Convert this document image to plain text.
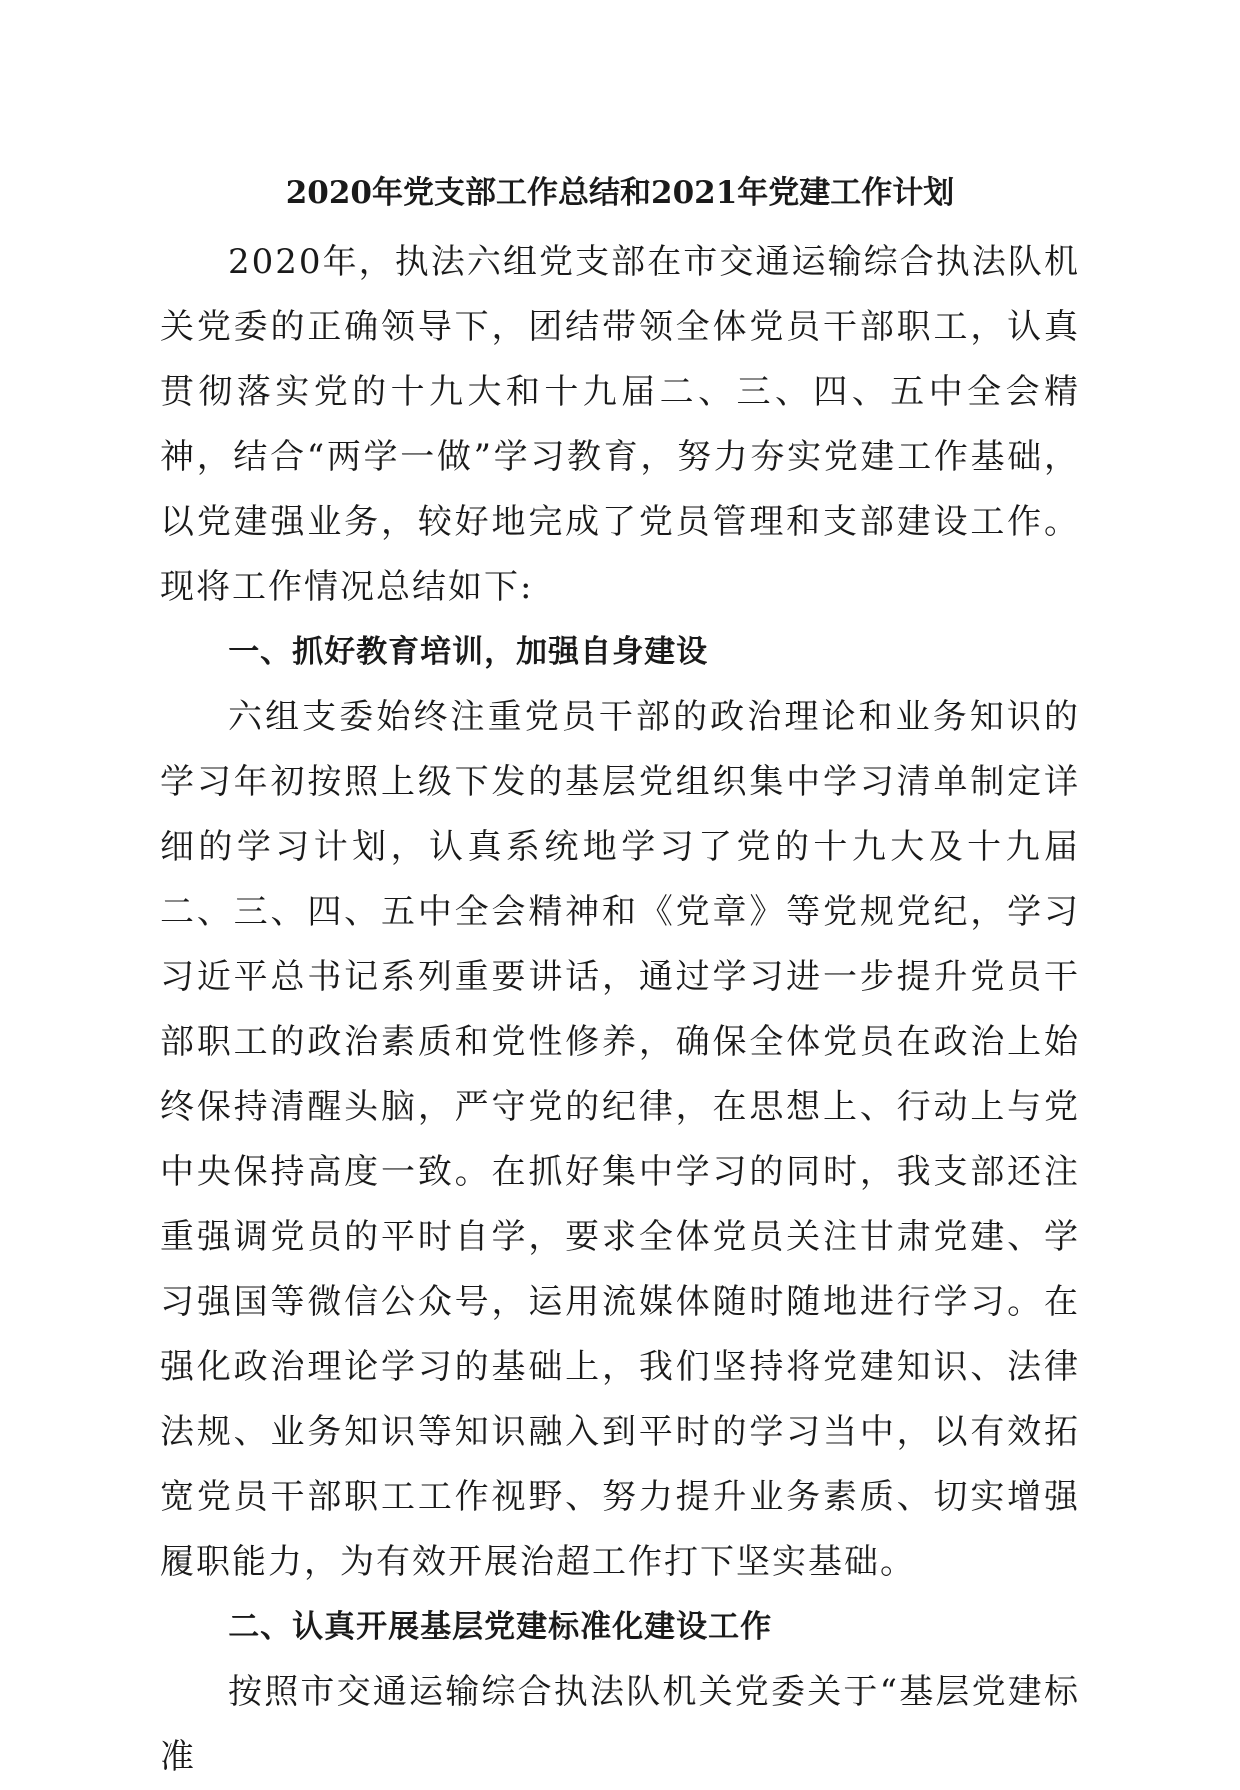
2020年党支部工作总结和2021年党建工作计划

2020年，执法六组党支部在市交通运输综合执法队机关党委的正确领导下，团结带领全体党员干部职工，认真贯彻落实党的十九大和十九届二、三、四、五中全会精神，结合“两学一做”学习教育，努力夯实党建工作基础，以党建强业务，较好地完成了党员管理和支部建设工作。现将工作情况总结如下:

一、抓好教育培训，加强自身建设

六组支委始终注重党员干部的政治理论和业务知识的学习年初按照上级下发的基层党组织集中学习清单制定详细的学习计划，认真系统地学习了党的十九大及十九届二、三、四、五中全会精神和《党章》等党规党纪，学习习近平总书记系列重要讲话，通过学习进一步提升党员干部职工的政治素质和党性修养，确保全体党员在政治上始终保持清醒头脑，严守党的纪律，在思想上、行动上与党中央保持高度一致。在抓好集中学习的同时，我支部还注重强调党员的平时自学，要求全体党员关注甘肃党建、学习强国等微信公众号，运用流媒体随时随地进行学习。在强化政治理论学习的基础上，我们坚持将党建知识、法律法规、业务知识等知识融入到平时的学习当中，以有效拓宽党员干部职工工作视野、努力提升业务素质、切实增强履职能力，为有效开展治超工作打下坚实基础。

二、认真开展基层党建标准化建设工作

按照市交通运输综合执法队机关党委关于“基层党建标准
